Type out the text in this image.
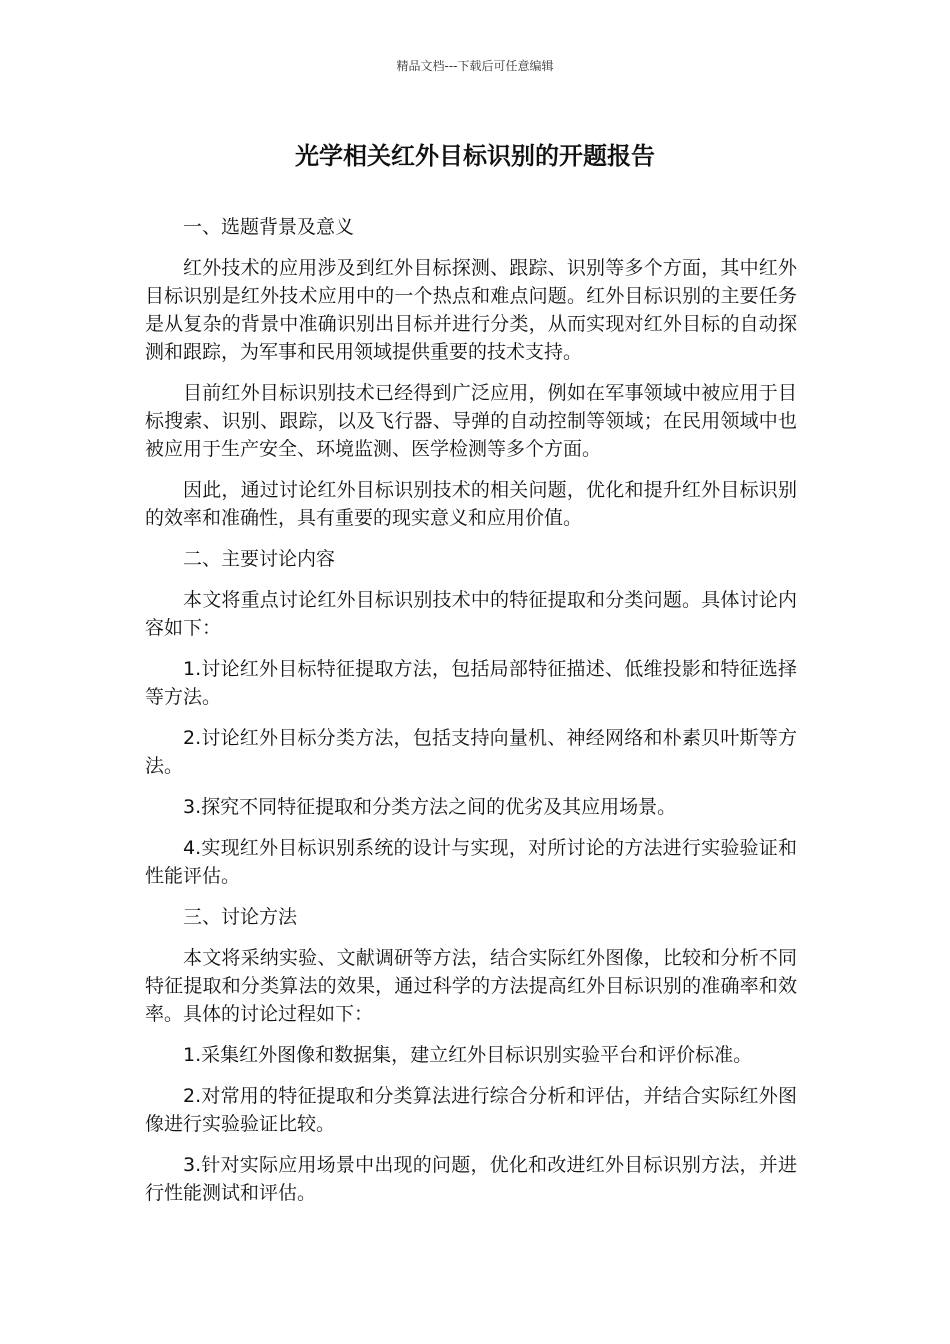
精品文档---下载后可任意编辑
光学相关红外目标识别的开题报告

一、选题背景及意义

红外技术的应用涉及到红外目标探测、跟踪、识别等多个方面，其中红外目标识别是红外技术应用中的一个热点和难点问题。红外目标识别的主要任务是从复杂的背景中准确识别出目标并进行分类，从而实现对红外目标的自动探测和跟踪，为军事和民用领域提供重要的技术支持。

目前红外目标识别技术已经得到广泛应用，例如在军事领域中被应用于目标搜索、识别、跟踪，以及飞行器、导弹的自动控制等领域；在民用领域中也被应用于生产安全、环境监测、医学检测等多个方面。

因此，通过讨论红外目标识别技术的相关问题，优化和提升红外目标识别的效率和准确性，具有重要的现实意义和应用价值。

二、主要讨论内容

本文将重点讨论红外目标识别技术中的特征提取和分类问题。具体讨论内容如下：

1.讨论红外目标特征提取方法，包括局部特征描述、低维投影和特征选择等方法。

2.讨论红外目标分类方法，包括支持向量机、神经网络和朴素贝叶斯等方法。

3.探究不同特征提取和分类方法之间的优劣及其应用场景。

4.实现红外目标识别系统的设计与实现，对所讨论的方法进行实验验证和性能评估。

三、讨论方法

本文将采纳实验、文献调研等方法，结合实际红外图像，比较和分析不同特征提取和分类算法的效果，通过科学的方法提高红外目标识别的准确率和效率。具体的讨论过程如下：

1.采集红外图像和数据集，建立红外目标识别实验平台和评价标准。

2.对常用的特征提取和分类算法进行综合分析和评估，并结合实际红外图像进行实验验证比较。

3.针对实际应用场景中出现的问题，优化和改进红外目标识别方法，并进行性能测试和评估。
